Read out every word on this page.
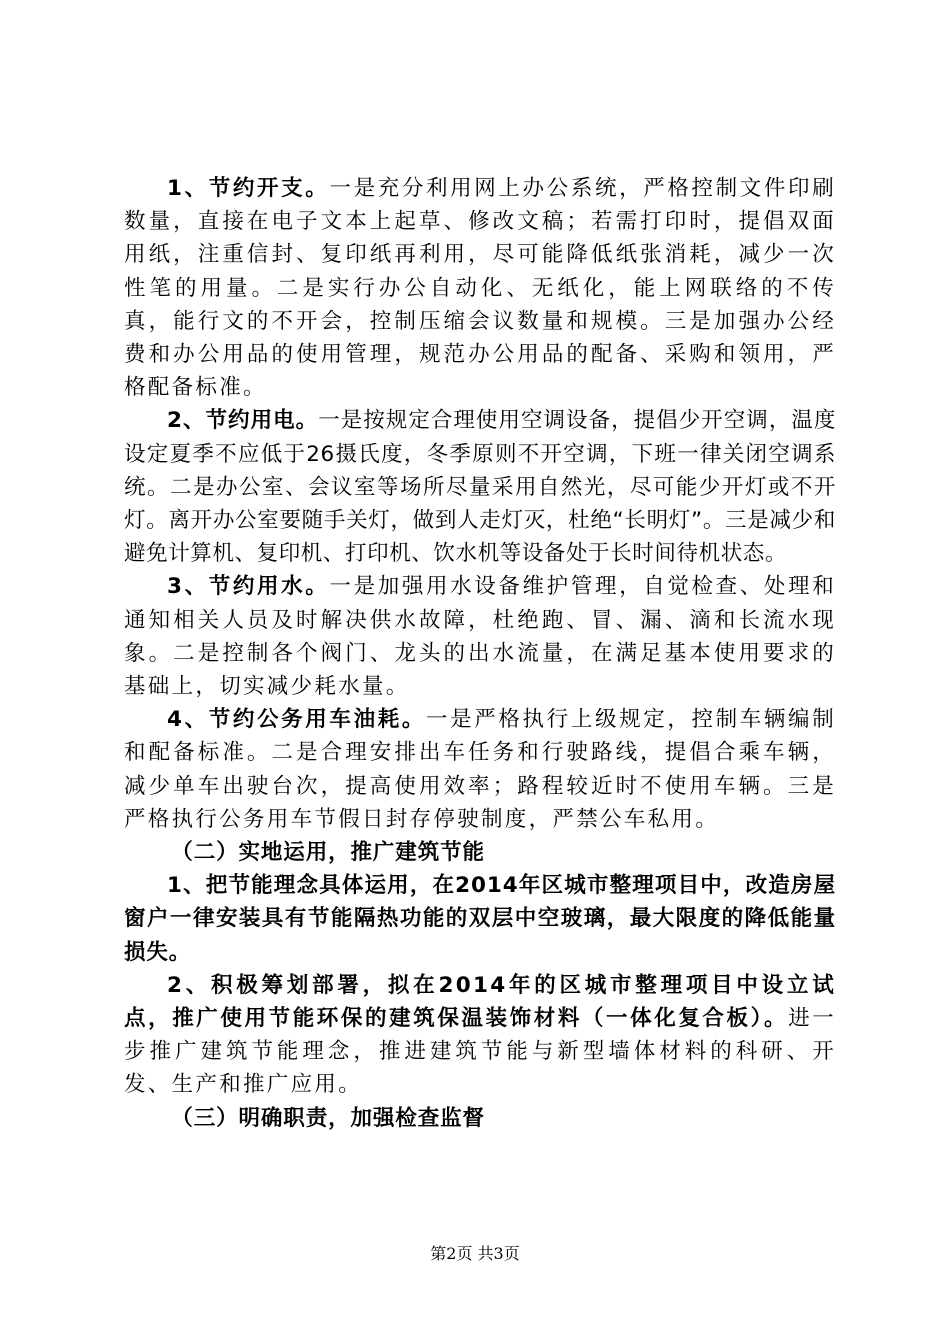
1、节约开支。一是充分利用网上办公系统，严格控制文件印刷数量，直接在电子文本上起草、修改文稿；若需打印时，提倡双面用纸，注重信封、复印纸再利用，尽可能降低纸张消耗，减少一次性笔的用量。二是实行办公自动化、无纸化，能上网联络的不传真，能行文的不开会，控制压缩会议数量和规模。三是加强办公经费和办公用品的使用管理，规范办公用品的配备、采购和领用，严格配备标准。

2、节约用电。一是按规定合理使用空调设备，提倡少开空调，温度设定夏季不应低于26摄氏度，冬季原则不开空调，下班一律关闭空调系统。二是办公室、会议室等场所尽量采用自然光，尽可能少开灯或不开灯。离开办公室要随手关灯，做到人走灯灭，杜绝“长明灯”。三是减少和避免计算机、复印机、打印机、饮水机等设备处于长时间待机状态。

3、节约用水。一是加强用水设备维护管理，自觉检查、处理和通知相关人员及时解决供水故障，杜绝跑、冒、漏、滴和长流水现象。二是控制各个阀门、龙头的出水流量，在满足基本使用要求的基础上，切实减少耗水量。

4、节约公务用车油耗。一是严格执行上级规定，控制车辆编制和配备标准。二是合理安排出车任务和行驶路线，提倡合乘车辆，减少单车出驶台次，提高使用效率；路程较近时不使用车辆。三是严格执行公务用车节假日封存停驶制度，严禁公车私用。

（二）实地运用，推广建筑节能

1、把节能理念具体运用，在2014年区城市整理项目中，改造房屋窗户一律安装具有节能隔热功能的双层中空玻璃，最大限度的降低能量损失。

2、积极筹划部署，拟在2014年的区城市整理项目中设立试点，推广使用节能环保的建筑保温装饰材料（一体化复合板）。进一步推广建筑节能理念，推进建筑节能与新型墙体材料的科研、开发、生产和推广应用。

（三）明确职责，加强检查监督

第2页 共3页
